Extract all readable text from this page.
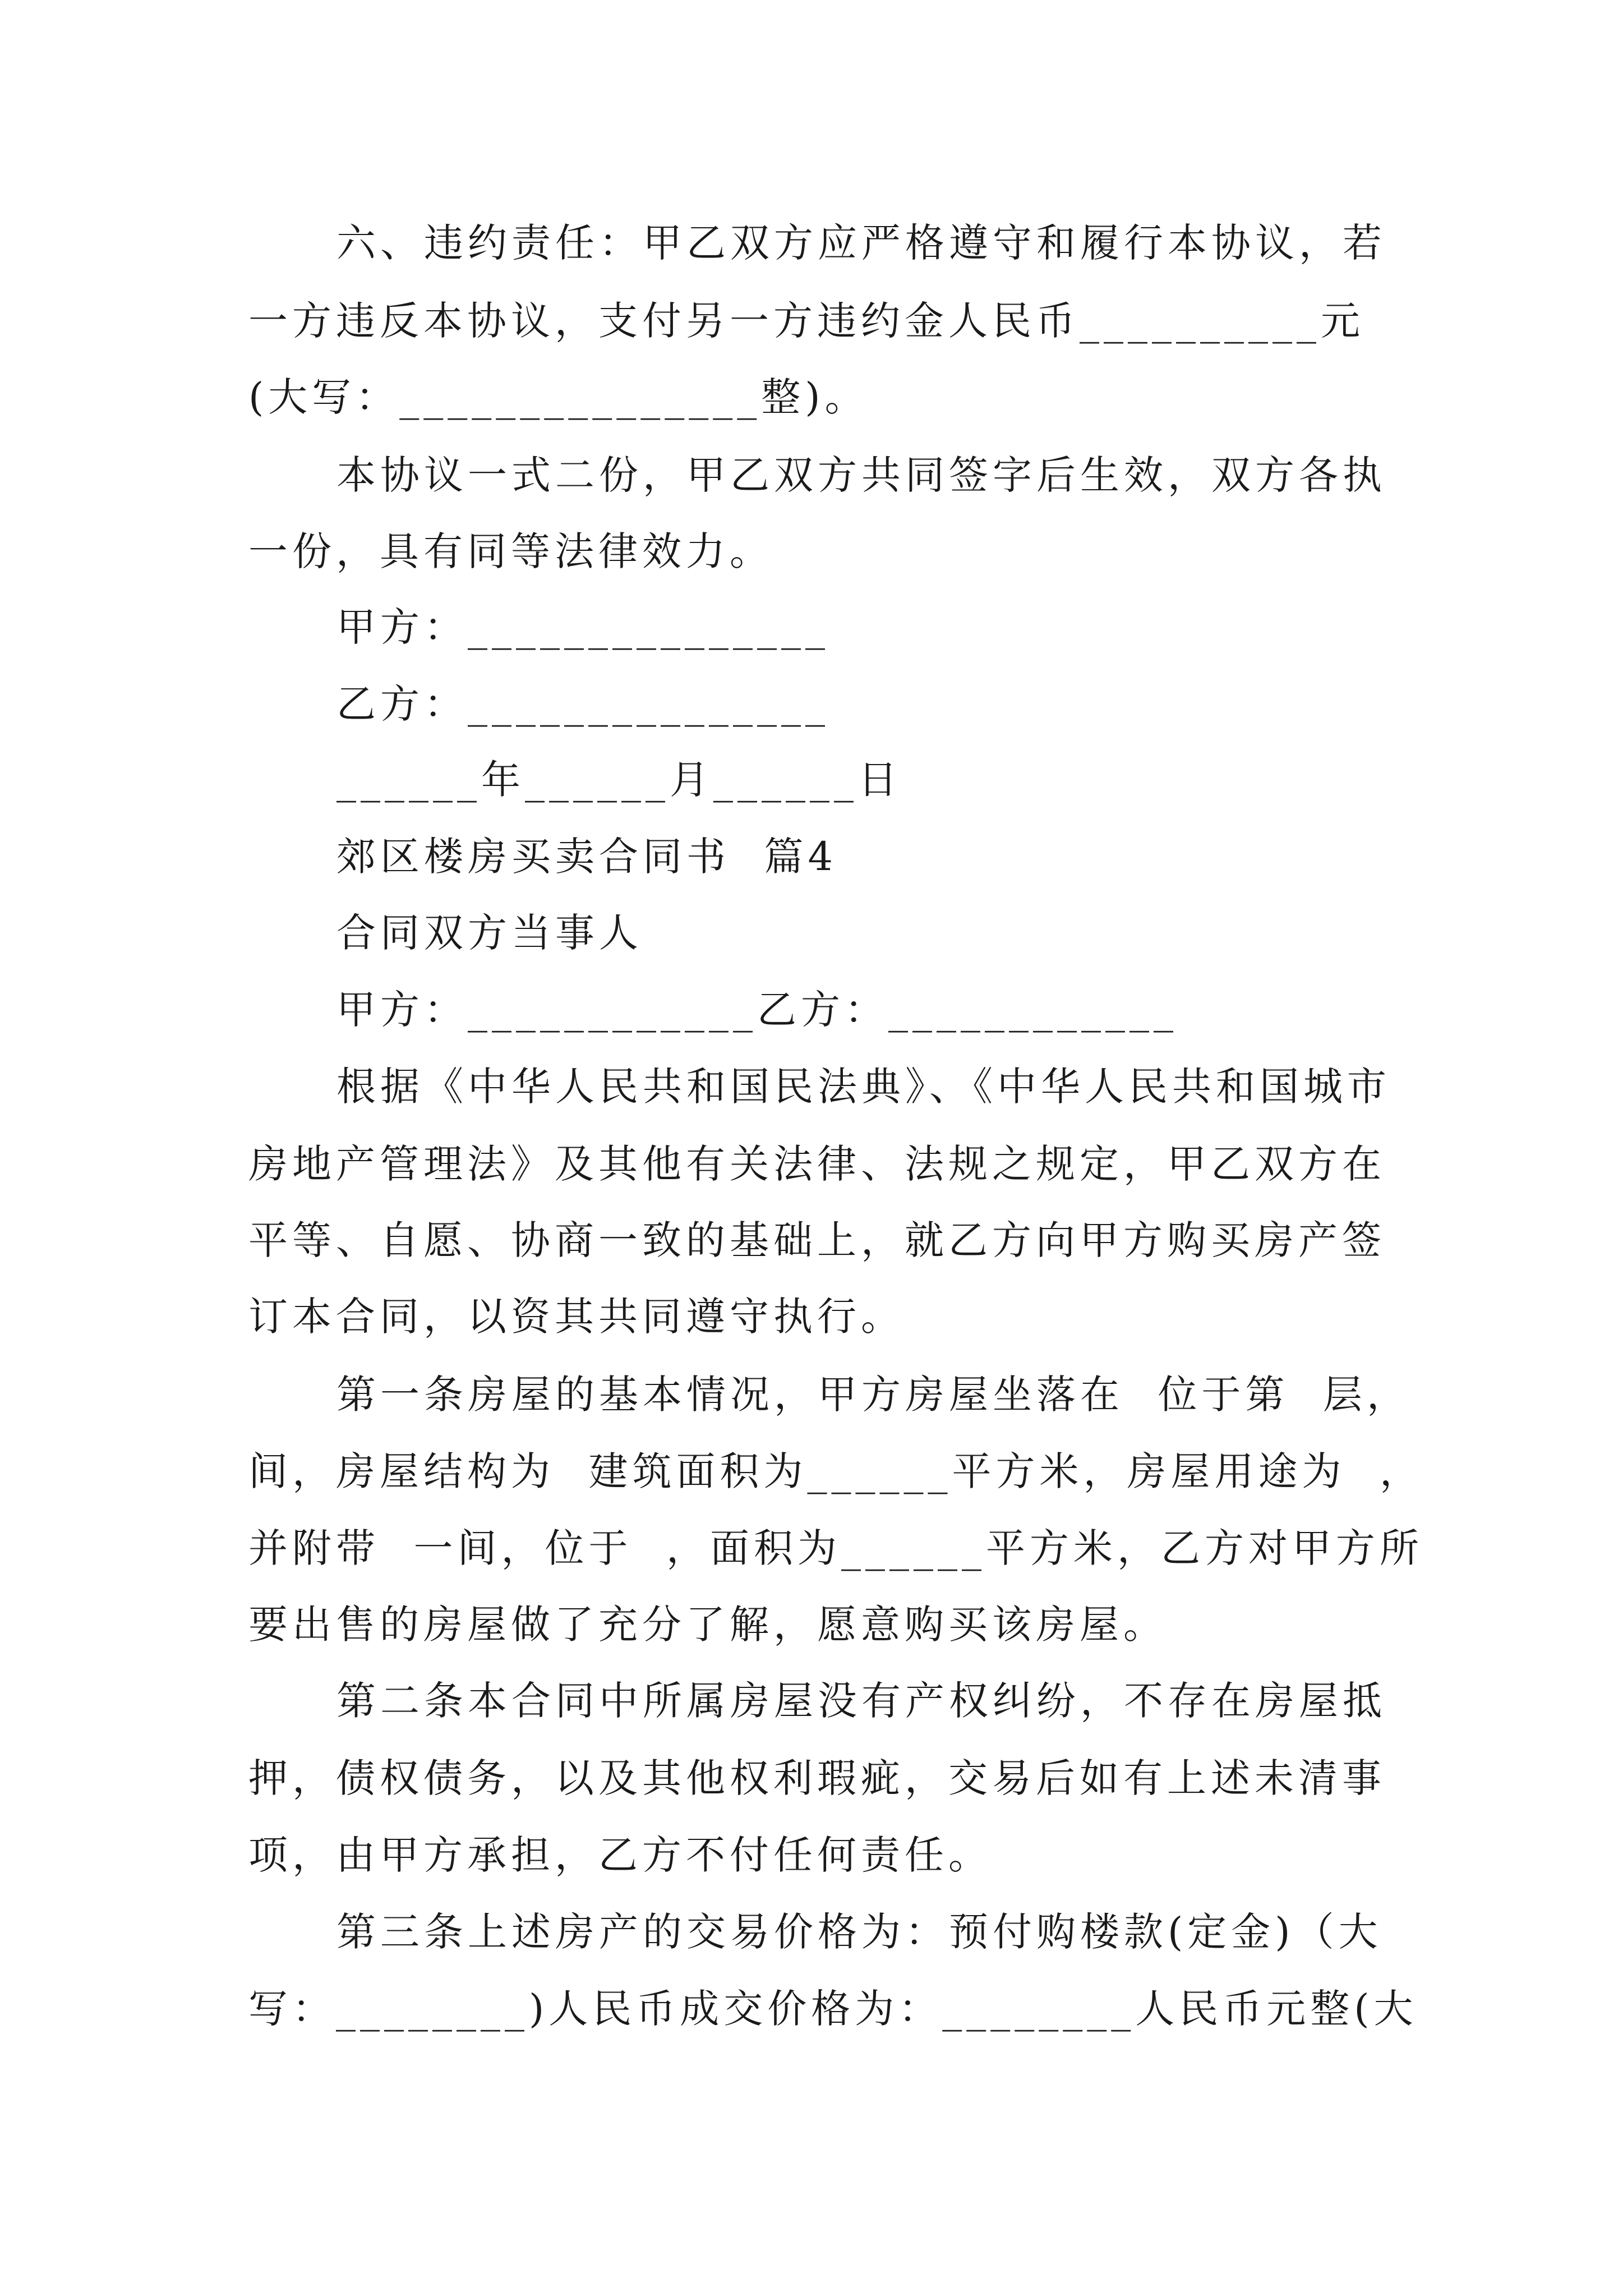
六、违约责任：甲乙双方应严格遵守和履行本协议，若
一方违反本协议，支付另一方违约金人民币__________元
(大写：_______________整)。
本协议一式二份，甲乙双方共同签字后生效，双方各执
一份，具有同等法律效力。
甲方：_______________
乙方：_______________
______年______月______日
郊区楼房买卖合同书  篇4
合同双方当事人
甲方：____________乙方：____________
根据《中华人民共和国民法典》、《中华人民共和国城市
房地产管理法》及其他有关法律、法规之规定，甲乙双方在
平等、自愿、协商一致的基础上，就乙方向甲方购买房产签
订本合同，以资其共同遵守执行。
第一条房屋的基本情况，甲方房屋坐落在  位于第  层，
间，房屋结构为  建筑面积为______平方米，房屋用途为  ，
并附带  一间，位于  ，面积为______平方米，乙方对甲方所
要出售的房屋做了充分了解，愿意购买该房屋。
第二条本合同中所属房屋没有产权纠纷，不存在房屋抵
押，债权债务，以及其他权利瑕疵，交易后如有上述未清事
项，由甲方承担，乙方不付任何责任。
第三条上述房产的交易价格为：预付购楼款(定金)（大
写：________)人民币成交价格为：________人民币元整(大
